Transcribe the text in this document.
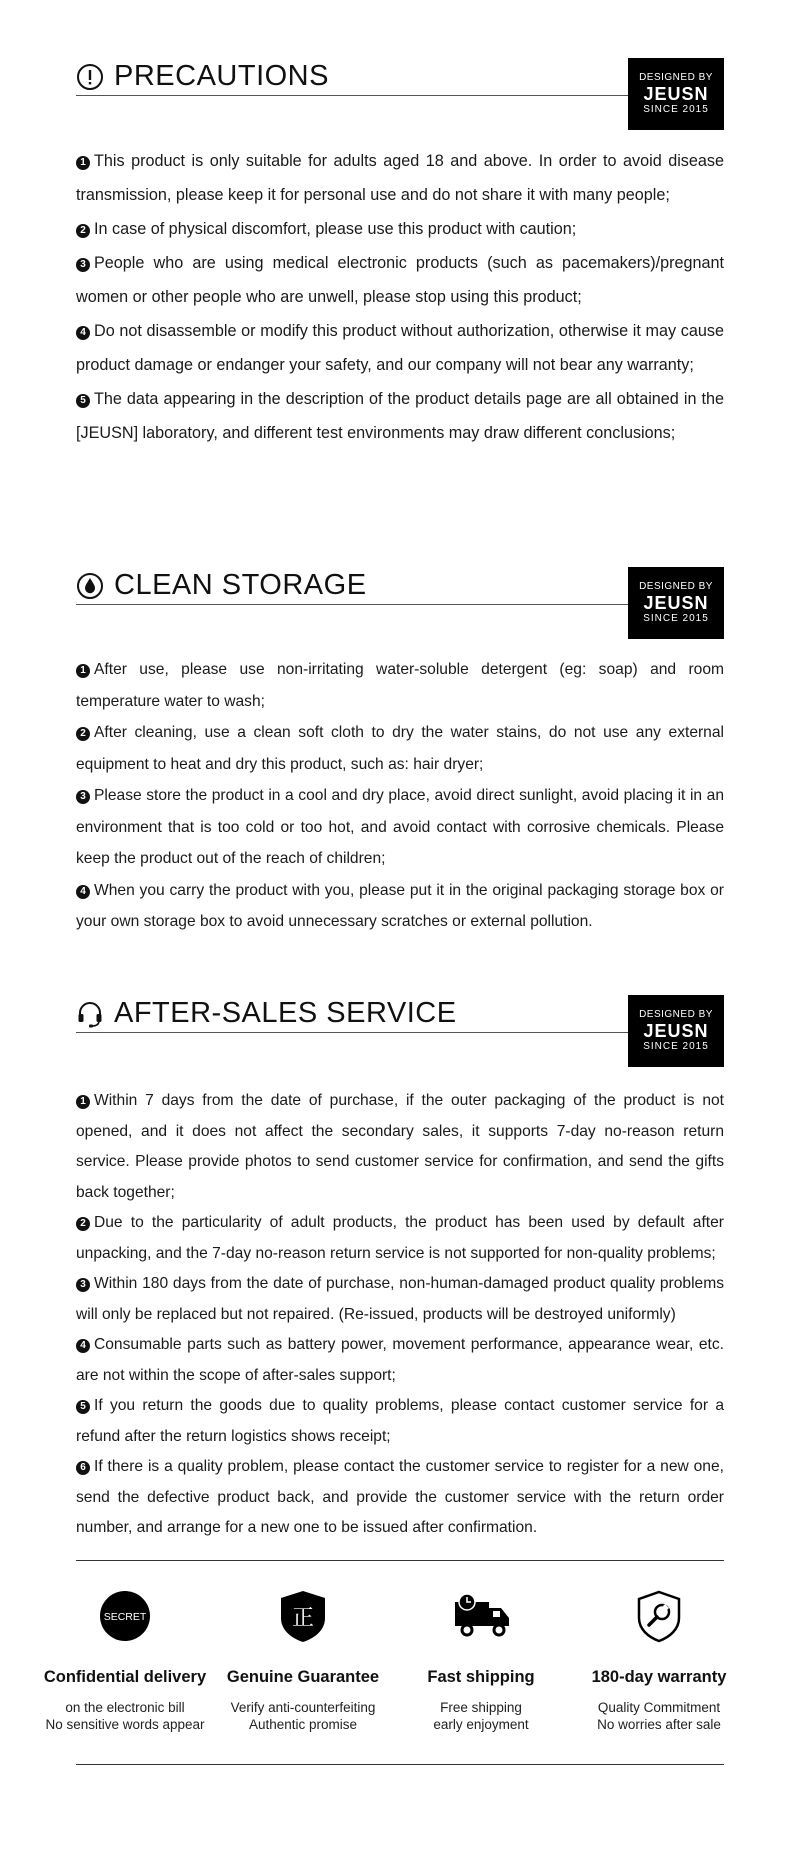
PRECAUTIONS	DESIGNED BY
JEUSN
SINCE 2015

1 This product is only suitable for adults aged 18 and above. In order to avoid disease transmission, please keep it for personal use and do not share it with many people;

2 In case of physical discomfort, please use this product with caution;

3 People who are using medical electronic products (such as pacemakers)/pregnant women or other people who are unwell, please stop using this product;

4 Do not disassemble or modify this product without authorization, otherwise it may cause product damage or endanger your safety, and our company will not bear any warranty;

5 The data appearing in the description of the product details page are all obtained in the [JEUSN] laboratory, and different test environments may draw different conclusions;

CLEAN STORAGE	DESIGNED BY
JEUSN
SINCE 2015

1 After use, please use non-irritating water-soluble detergent (eg: soap) and room temperature water to wash;

2 After cleaning, use a clean soft cloth to dry the water stains, do not use any external equipment to heat and dry this product, such as: hair dryer;

3 Please store the product in a cool and dry place, avoid direct sunlight, avoid placing it in an environment that is too cold or too hot, and avoid contact with corrosive chemicals. Please keep the product out of the reach of children;

4 When you carry the product with you, please put it in the original packaging storage box or your own storage box to avoid unnecessary scratches or external pollution.

AFTER-SALES SERVICE	DESIGNED BY
JEUSN
SINCE 2015

1 Within 7 days from the date of purchase, if the outer packaging of the product is not opened, and it does not affect the secondary sales, it supports 7-day no-reason return service. Please provide photos to send customer service for confirmation, and send the gifts back together;

2 Due to the particularity of adult products, the product has been used by default after unpacking, and the 7-day no-reason return service is not supported for non-quality problems;

3 Within 180 days from the date of purchase, non-human-damaged product quality problems will only be replaced but not repaired. (Re-issued, products will be destroyed uniformly)

4 Consumable parts such as battery power, movement performance, appearance wear, etc. are not within the scope of after-sales support;

5 If you return the goods due to quality problems, please contact customer service for a refund after the return logistics shows receipt;

6 If there is a quality problem, please contact the customer service to register for a new one, send the defective product back, and provide the customer service with the return order number, and arrange for a new one to be issued after confirmation.

SECRET
Confidential delivery
on the electronic bill
No sensitive words appear
正
Genuine Guarantee
Verify anti-counterfeiting
Authentic promise
Fast shipping
Free shipping
early enjoyment
180-day warranty
Quality Commitment
No worries after sale
